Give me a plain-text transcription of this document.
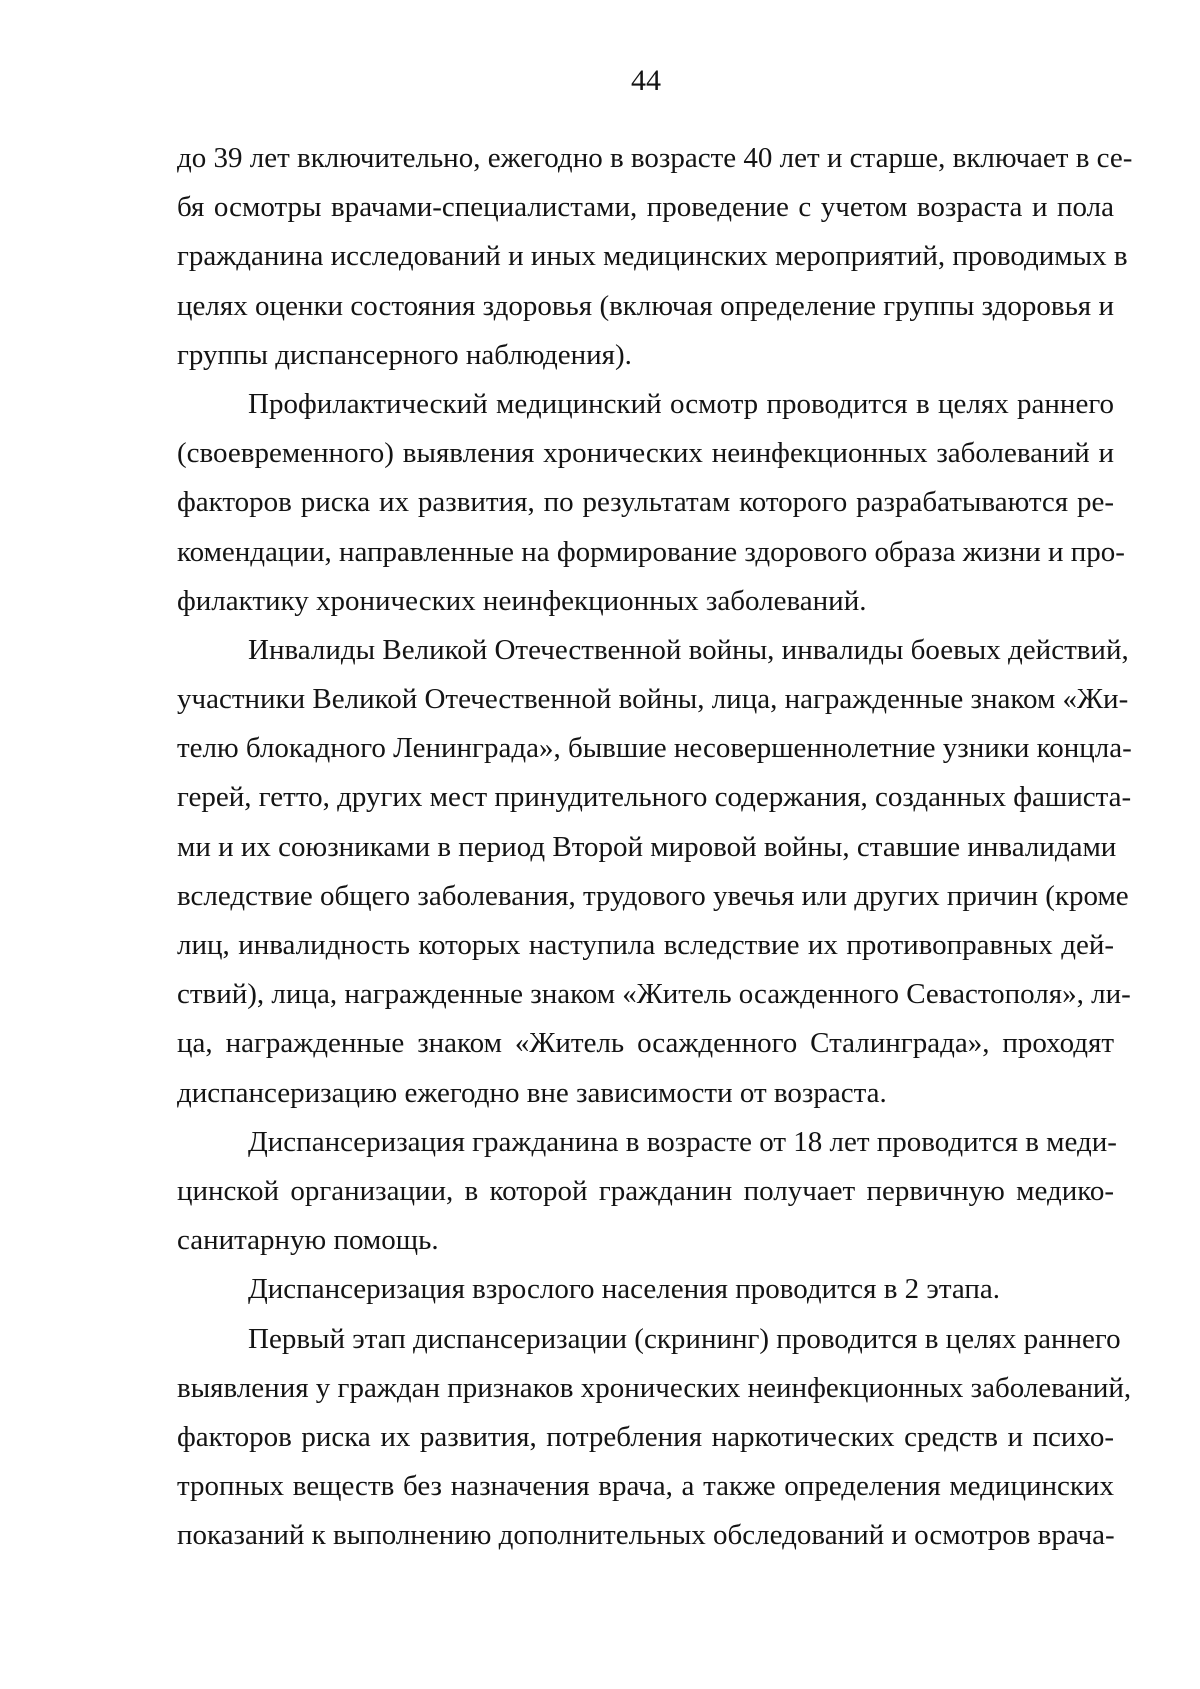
44
до 39 лет включительно, ежегодно в возрасте 40 лет и старше, включает в се-
бя осмотры врачами-специалистами, проведение с учетом возраста и пола
гражданина исследований и иных медицинских мероприятий, проводимых в
целях оценки состояния здоровья (включая определение группы здоровья и
группы диспансерного наблюдения).
Профилактический медицинский осмотр проводится в целях раннего
(своевременного) выявления хронических неинфекционных заболеваний и
факторов риска их развития, по результатам которого разрабатываются ре-
комендации, направленные на формирование здорового образа жизни и про-
филактику хронических неинфекционных заболеваний.
Инвалиды Великой Отечественной войны, инвалиды боевых действий,
участники Великой Отечественной войны, лица, награжденные знаком «Жи-
телю блокадного Ленинграда», бывшие несовершеннолетние узники концла-
герей, гетто, других мест принудительного содержания, созданных фашиста-
ми и их союзниками в период Второй мировой войны, ставшие инвалидами
вследствие общего заболевания, трудового увечья или других причин (кроме
лиц, инвалидность которых наступила вследствие их противоправных дей-
ствий), лица, награжденные знаком «Житель осажденного Севастополя», ли-
ца, награжденные знаком «Житель осажденного Сталинграда», проходят
диспансеризацию ежегодно вне зависимости от возраста.
Диспансеризация гражданина в возрасте от 18 лет проводится в меди-
цинской организации, в которой гражданин получает первичную медико-
санитарную помощь.
Диспансеризация взрослого населения проводится в 2 этапа.
Первый этап диспансеризации (скрининг) проводится в целях раннего
выявления у граждан признаков хронических неинфекционных заболеваний,
факторов риска их развития, потребления наркотических средств и психо-
тропных веществ без назначения врача, а также определения медицинских
показаний к выполнению дополнительных обследований и осмотров врача-
